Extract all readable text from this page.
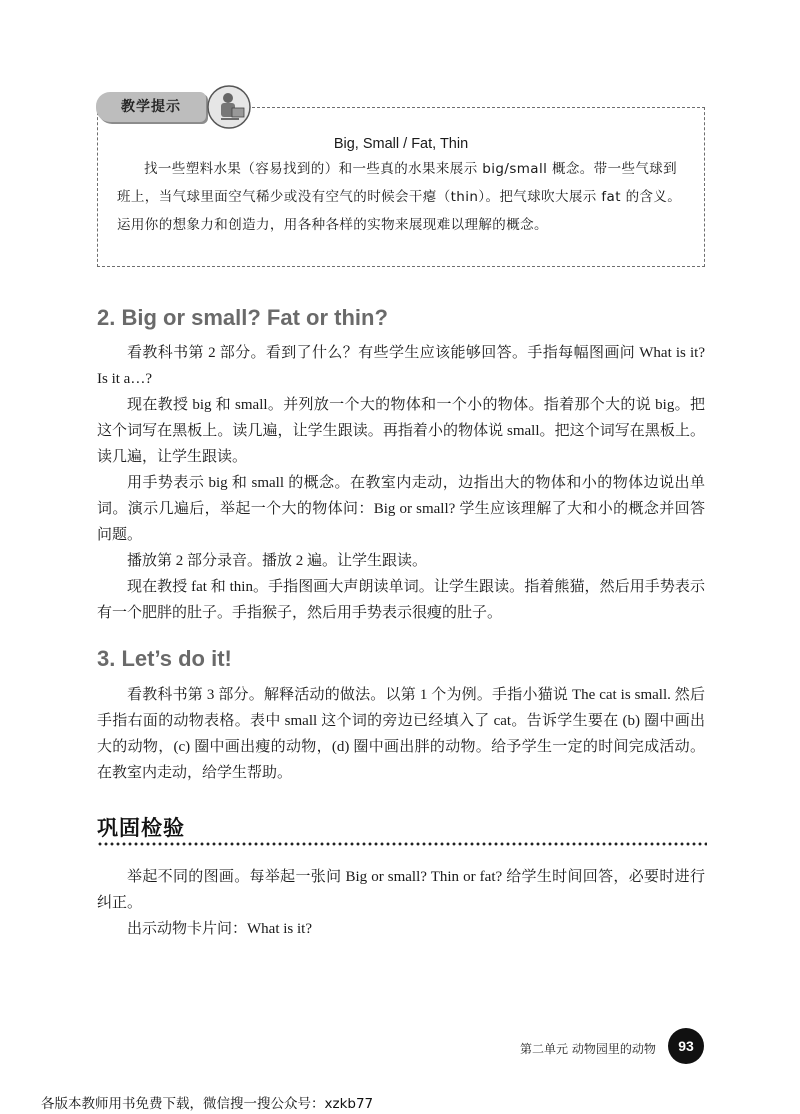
教学提示
Big, Small / Fat, Thin
找一些塑料水果（容易找到的）和一些真的水果来展示 big/small 概念。带一些气球到班上，当气球里面空气稀少或没有空气的时候会干瘪（thin）。把气球吹大展示 fat 的含义。运用你的想象力和创造力，用各种各样的实物来展现难以理解的概念。
2. Big or small? Fat or thin?

看教科书第 2 部分。看到了什么？有些学生应该能够回答。手指每幅图画问 What is it? Is it a…?

现在教授 big 和 small。并列放一个大的物体和一个小的物体。指着那个大的说 big。把这个词写在黑板上。读几遍，让学生跟读。再指着小的物体说 small。把这个词写在黑板上。读几遍，让学生跟读。

用手势表示 big 和 small 的概念。在教室内走动，边指出大的物体和小的物体边说出单词。演示几遍后，举起一个大的物体问：Big or small? 学生应该理解了大和小的概念并回答问题。

播放第 2 部分录音。播放 2 遍。让学生跟读。

现在教授 fat 和 thin。手指图画大声朗读单词。让学生跟读。指着熊猫，然后用手势表示有一个肥胖的肚子。手指猴子，然后用手势表示很瘦的肚子。

3. Let’s do it!

看教科书第 3 部分。解释活动的做法。以第 1 个为例。手指小猫说 The cat is small. 然后手指右面的动物表格。表中 small 这个词的旁边已经填入了 cat。告诉学生要在 (b) 圈中画出大的动物，(c) 圈中画出瘦的动物，(d) 圈中画出胖的动物。给予学生一定的时间完成活动。在教室内走动，给学生帮助。

巩固检验

举起不同的图画。每举起一张问 Big or small? Thin or fat? 给学生时间回答，必要时进行纠正。

出示动物卡片问：What is it?

第二单元 动物园里的动物	93
各版本教师用书免费下载，微信搜一搜公众号：xzkb77
